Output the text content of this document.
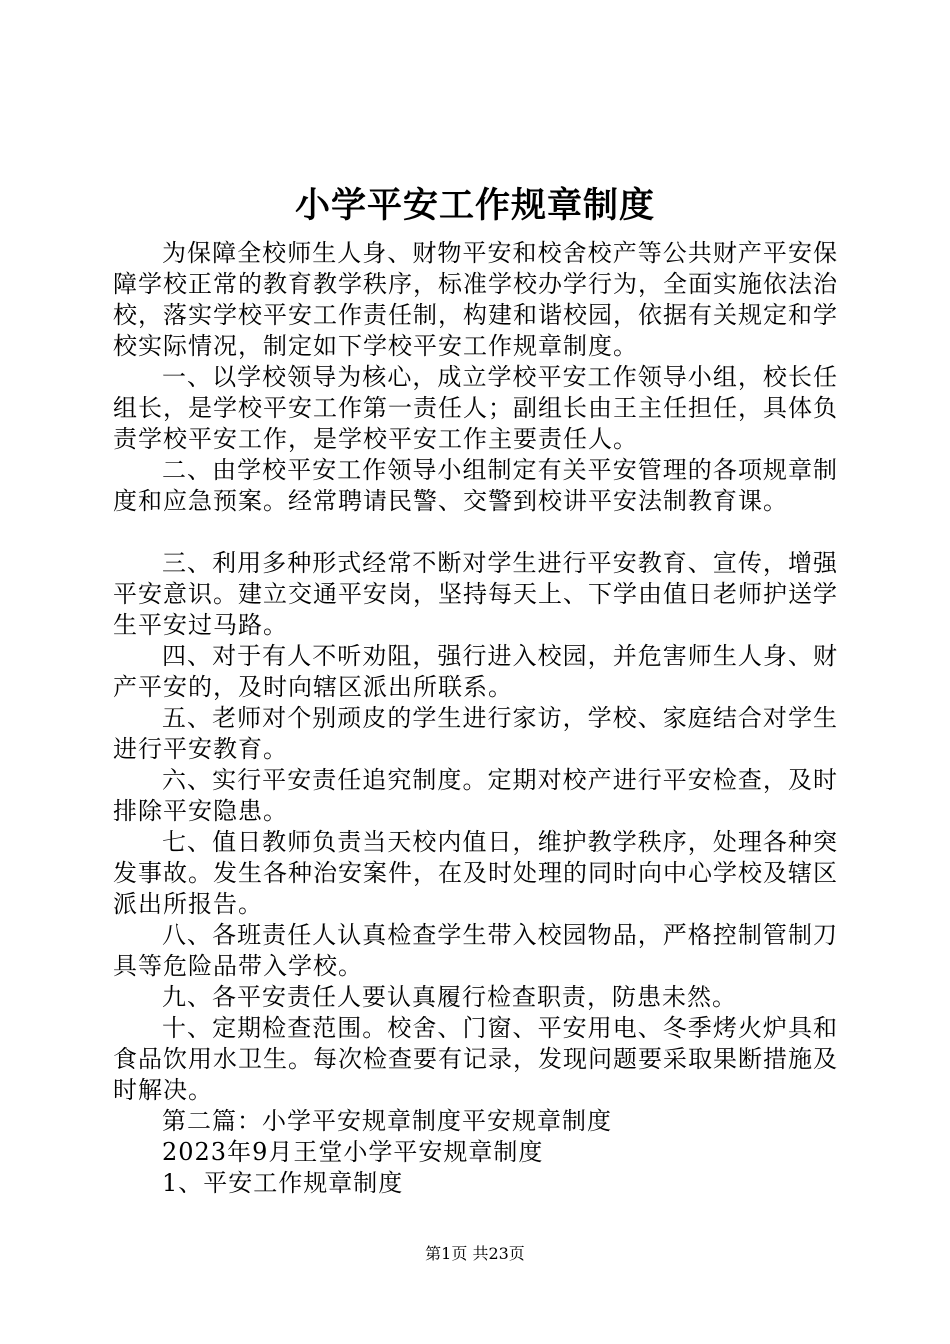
小学平安工作规章制度

为保障全校师生人身、财物平安和校舍校产等公共财产平安保障学校正常的教育教学秩序，标准学校办学行为，全面实施依法治校，落实学校平安工作责任制，构建和谐校园，依据有关规定和学校实际情况，制定如下学校平安工作规章制度。

一、以学校领导为核心，成立学校平安工作领导小组，校长任组长，是学校平安工作第一责任人；副组长由王主任担任，具体负责学校平安工作，是学校平安工作主要责任人。

二、由学校平安工作领导小组制定有关平安管理的各项规章制度和应急预案。经常聘请民警、交警到校讲平安法制教育课。

三、利用多种形式经常不断对学生进行平安教育、宣传，增强平安意识。建立交通平安岗，坚持每天上、下学由值日老师护送学生平安过马路。

四、对于有人不听劝阻，强行进入校园，并危害师生人身、财产平安的，及时向辖区派出所联系。

五、老师对个别顽皮的学生进行家访，学校、家庭结合对学生进行平安教育。

六、实行平安责任追究制度。定期对校产进行平安检查，及时排除平安隐患。

七、值日教师负责当天校内值日，维护教学秩序，处理各种突发事故。发生各种治安案件，在及时处理的同时向中心学校及辖区派出所报告。

八、各班责任人认真检查学生带入校园物品，严格控制管制刀具等危险品带入学校。

九、各平安责任人要认真履行检查职责，防患未然。

十、定期检查范围。校舍、门窗、平安用电、冬季烤火炉具和食品饮用水卫生。每次检查要有记录，发现问题要采取果断措施及时解决。

第二篇：小学平安规章制度平安规章制度

2023年9月王堂小学平安规章制度

1、平安工作规章制度

第1页 共23页
